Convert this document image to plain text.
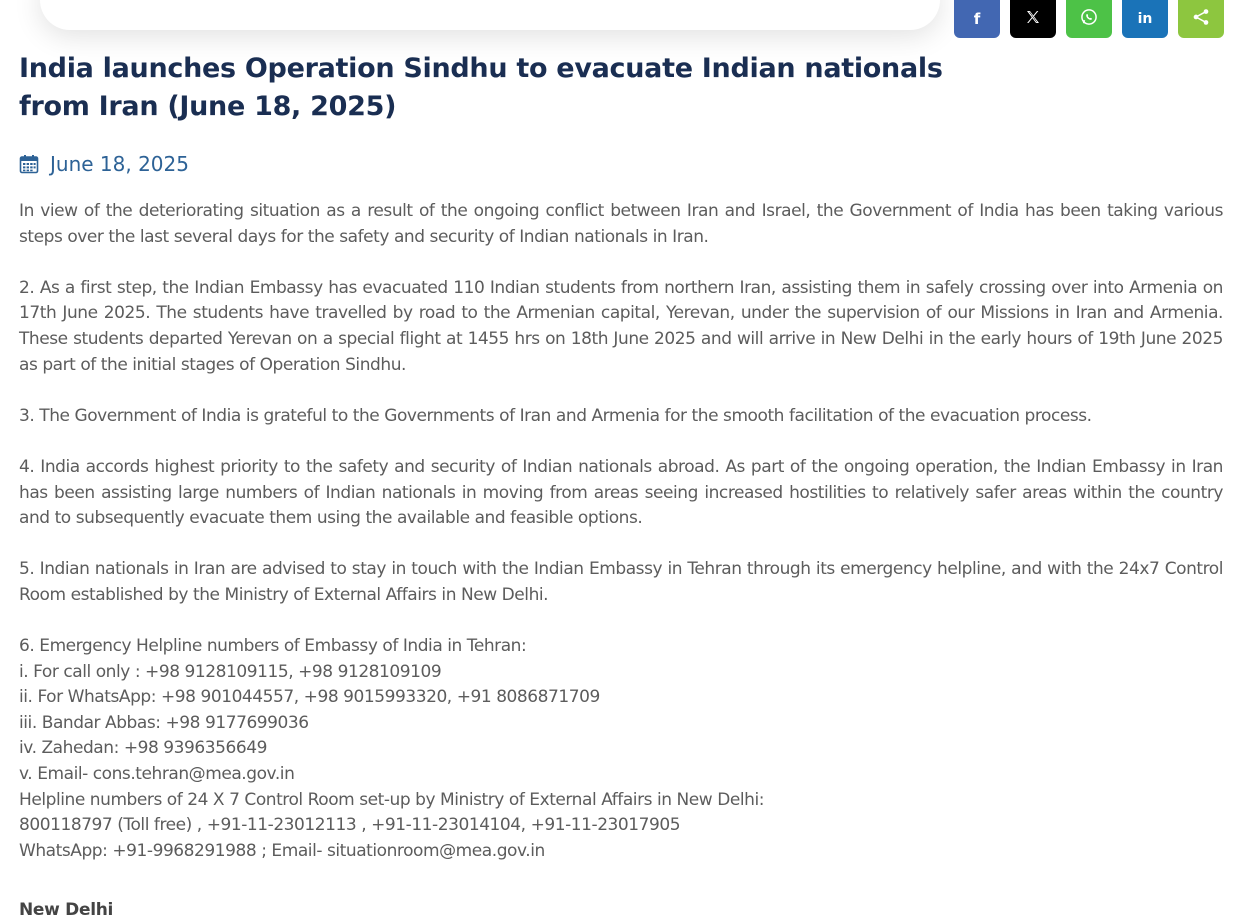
f	in
India launches Operation Sindhu to evacuate Indian nationals from Iran (June 18, 2025)
June 18, 2025

In view of the deteriorating situation as a result of the ongoing conflict between Iran and Israel, the Government of India has been taking various steps over the last several days for the safety and security of Indian nationals in Iran.

2. As a first step, the Indian Embassy has evacuated 110 Indian students from northern Iran, assisting them in safely crossing over into Armenia on 17th June 2025. The students have travelled by road to the Armenian capital, Yerevan, under the supervision of our Missions in Iran and Armenia. These students departed Yerevan on a special flight at 1455 hrs on 18th June 2025 and will arrive in New Delhi in the early hours of 19th June 2025 as part of the initial stages of Operation Sindhu.

3. The Government of India is grateful to the Governments of Iran and Armenia for the smooth facilitation of the evacuation process.

4. India accords highest priority to the safety and security of Indian nationals abroad. As part of the ongoing operation, the Indian Embassy in Iran has been assisting large numbers of Indian nationals in moving from areas seeing increased hostilities to relatively safer areas within the country and to subsequently evacuate them using the available and feasible options.

5. Indian nationals in Iran are advised to stay in touch with the Indian Embassy in Tehran through its emergency helpline, and with the 24x7 Control Room established by the Ministry of External Affairs in New Delhi.

6. Emergency Helpline numbers of Embassy of India in Tehran:
i. For call only : +98 9128109115, +98 9128109109
ii. For WhatsApp: +98 901044557, +98 9015993320, +91 8086871709
iii. Bandar Abbas: +98 9177699036
iv. Zahedan: +98 9396356649
v. Email- cons.tehran@mea.gov.in
Helpline numbers of 24 X 7 Control Room set-up by Ministry of External Affairs in New Delhi:
800118797 (Toll free) , +91-11-23012113 , +91-11-23014104, +91-11-23017905
WhatsApp: +91-9968291988 ; Email- situationroom@mea.gov.in
New Delhi
